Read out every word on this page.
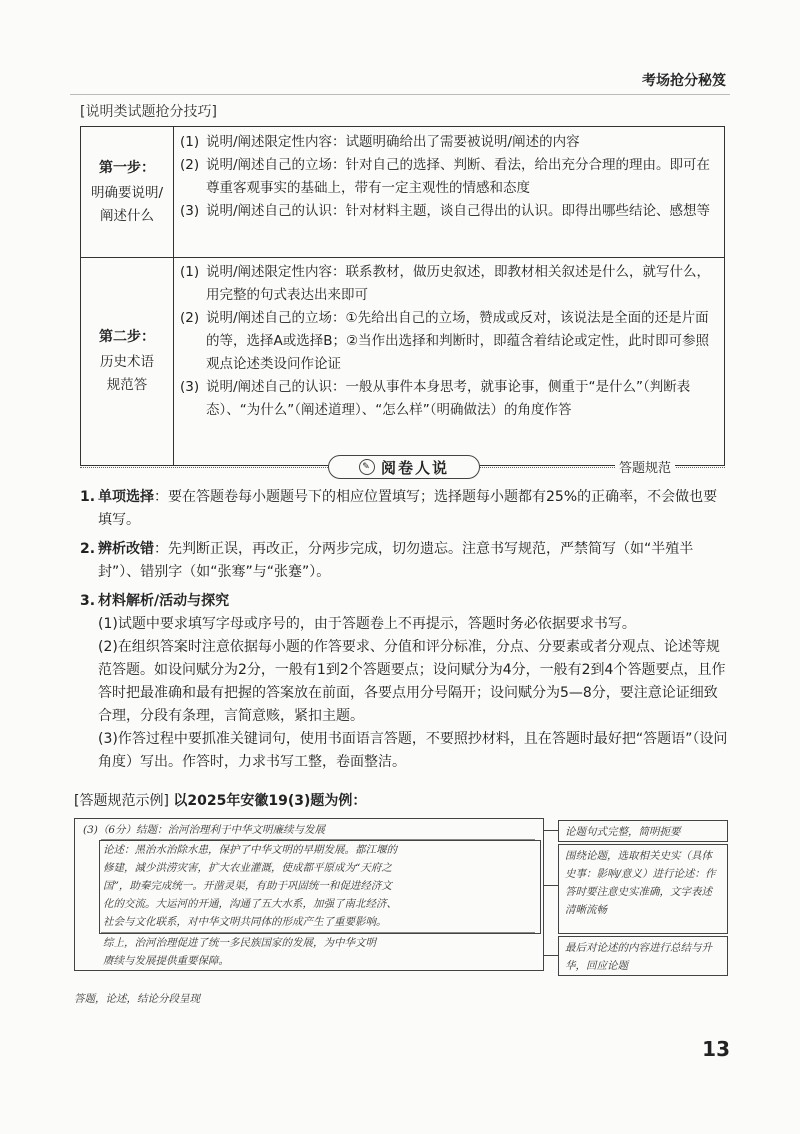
考场抢分秘笈
[说明类试题抢分技巧]
第一步：
明确要说明/
阐述什么
(1) 说明/阐述限定性内容：试题明确给出了需要被说明/阐述的内容
(2) 说明/阐述自己的立场：针对自己的选择、判断、看法，给出充分合理的理由。即可在尊重客观事实的基础上，带有一定主观性的情感和态度
(3) 说明/阐述自己的认识：针对材料主题，谈自己得出的认识。即得出哪些结论、感想等
第二步：
历史术语
规范答
(1) 说明/阐述限定性内容：联系教材，做历史叙述，即教材相关叙述是什么，就写什么，用完整的句式表达出来即可
(2) 说明/阐述自己的立场：①先给出自己的立场，赞成或反对，该说法是全面的还是片面的等，选择A或选择B；②当作出选择和判断时，即蕴含着结论或定性，此时即可参照观点论述类设问作论证
(3) 说明/阐述自己的认识：一般从事件本身思考，就事论事，侧重于“是什么”（判断表态）、“为什么”（阐述道理）、“怎么样”（明确做法）的角度作答
✎ 阅卷人说	答题规范

1. 单项选择：要在答题卷每小题题号下的相应位置填写；选择题每小题都有25%的正确率，不会做也要填写。

2. 辨析改错：先判断正误，再改正，分两步完成，切勿遗忘。注意书写规范，严禁简写（如“半殖半封”）、错别字（如“张骞”与“张蹇”）。

3. 材料解析/活动与探究

(1)试题中要求填写字母或序号的，由于答题卷上不再提示，答题时务必依据要求书写。

(2)在组织答案时注意依据每小题的作答要求、分值和评分标准，分点、分要素或者分观点、论述等规范答题。如设问赋分为2分，一般有1到2个答题要点；设问赋分为4分，一般有2到4个答题要点，且作答时把最准确和最有把握的答案放在前面，各要点用分号隔开；设问赋分为5—8分，要注意论证细致合理，分段有条理，言简意赅，紧扣主题。

(3)作答过程中要抓准关键词句，使用书面语言答题，不要照抄材料，且在答题时最好把“答题语”（设问角度）写出。作答时，力求书写工整，卷面整洁。

[答题规范示例] 以2025年安徽19(3)题为例：
(3)（6分）结题：治河治理利于中华文明廉续与发展
论述：黑治水治除水患，保护了中华文明的早期发展。都江堰的
修建，減少洪涝灾害，扩大农业灌溉，使成都平原成为“天府之
国”，助秦完成统一。开凿灵渠，有助于巩固统一和促进经济文
化的交流。大运河的开通，沟通了五大水系，加强了南北经济、
社会与文化联系，对中华文明共同体的形成产生了重要影响。
综上，治河治理促进了统一多民族国家的发展，为中华文明
赓续与发展提供重要保障。
论题句式完整，简明扼要
围绕论题，选取相关史实（具体史事：影响/意义）进行论述：作答时要注意史实准确，文字表述清晰流畅
最后对论述的内容进行总结与升华，回应论题
答题，论述，结论分段呈现
13
